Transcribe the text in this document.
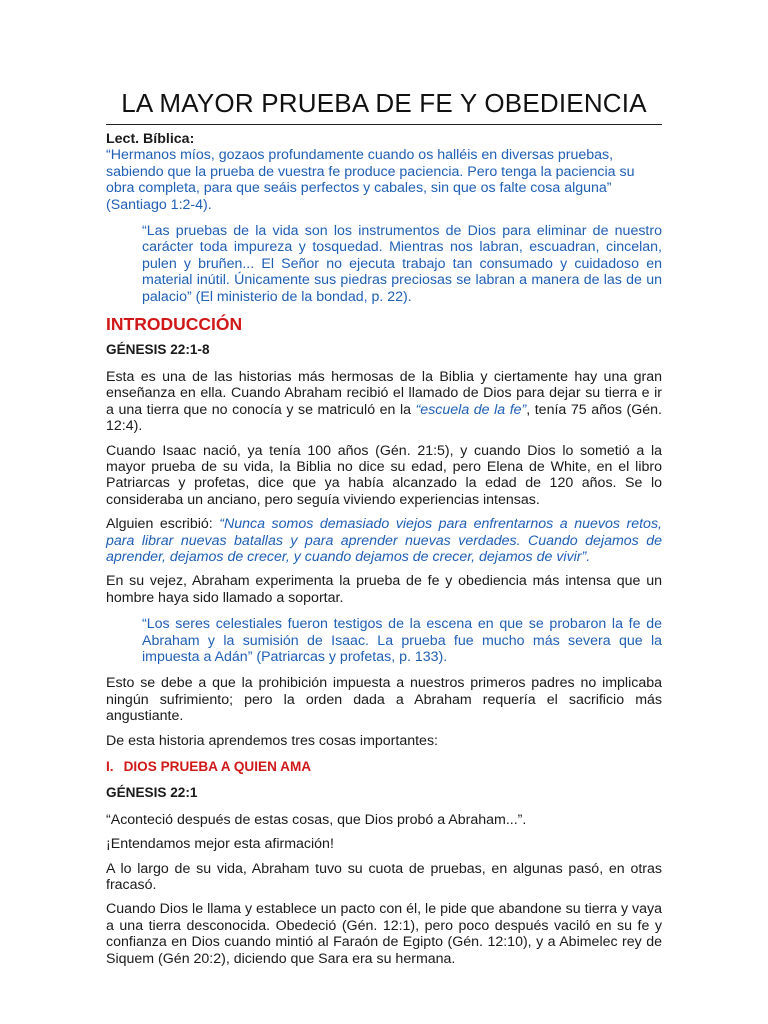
LA MAYOR PRUEBA DE FE Y OBEDIENCIA

Lect. Bíblica:

“Hermanos míos, gozaos profundamente cuando os halléis en diversas pruebas, sabiendo que la prueba de vuestra fe produce paciencia. Pero tenga la paciencia su obra completa, para que seáis perfectos y cabales, sin que os falte cosa alguna” (Santiago 1:2-4).

“Las pruebas de la vida son los instrumentos de Dios para eliminar de nuestro carácter toda impureza y tosquedad. Mientras nos labran, escuadran, cincelan, pulen y bruñen... El Señor no ejecuta trabajo tan consumado y cuidadoso en material inútil. Únicamente sus piedras preciosas se labran a manera de las de un palacio” (El ministerio de la bondad, p. 22).

INTRODUCCIÓN

GÉNESIS 22:1-8

Esta es una de las historias más hermosas de la Biblia y ciertamente hay una gran enseñanza en ella. Cuando Abraham recibió el llamado de Dios para dejar su tierra e ir a una tierra que no conocía y se matriculó en la “escuela de la fe”, tenía 75 años (Gén. 12:4).

Cuando Isaac nació, ya tenía 100 años (Gén. 21:5), y cuando Dios lo sometió a la mayor prueba de su vida, la Biblia no dice su edad, pero Elena de White, en el libro Patriarcas y profetas, dice que ya había alcanzado la edad de 120 años. Se lo consideraba un anciano, pero seguía viviendo experiencias intensas.

Alguien escribió: “Nunca somos demasiado viejos para enfrentarnos a nuevos retos, para librar nuevas batallas y para aprender nuevas verdades. Cuando dejamos de aprender, dejamos de crecer, y cuando dejamos de crecer, dejamos de vivir”.

En su vejez, Abraham experimenta la prueba de fe y obediencia más intensa que un hombre haya sido llamado a soportar.

“Los seres celestiales fueron testigos de la escena en que se probaron la fe de Abraham y la sumisión de Isaac. La prueba fue mucho más severa que la impuesta a Adán” (Patriarcas y profetas, p. 133).

Esto se debe a que la prohibición impuesta a nuestros primeros padres no implicaba ningún sufrimiento; pero la orden dada a Abraham requería el sacrificio más angustiante.

De esta historia aprendemos tres cosas importantes:

I. DIOS PRUEBA A QUIEN AMA

GÉNESIS 22:1

“Aconteció después de estas cosas, que Dios probó a Abraham...”.

¡Entendamos mejor esta afirmación!

A lo largo de su vida, Abraham tuvo su cuota de pruebas, en algunas pasó, en otras fracasó.

Cuando Dios le llama y establece un pacto con él, le pide que abandone su tierra y vaya a una tierra desconocida. Obedeció (Gén. 12:1), pero poco después vaciló en su fe y confianza en Dios cuando mintió al Faraón de Egipto (Gén. 12:10), y a Abimelec rey de Siquem (Gén 20:2), diciendo que Sara era su hermana.
